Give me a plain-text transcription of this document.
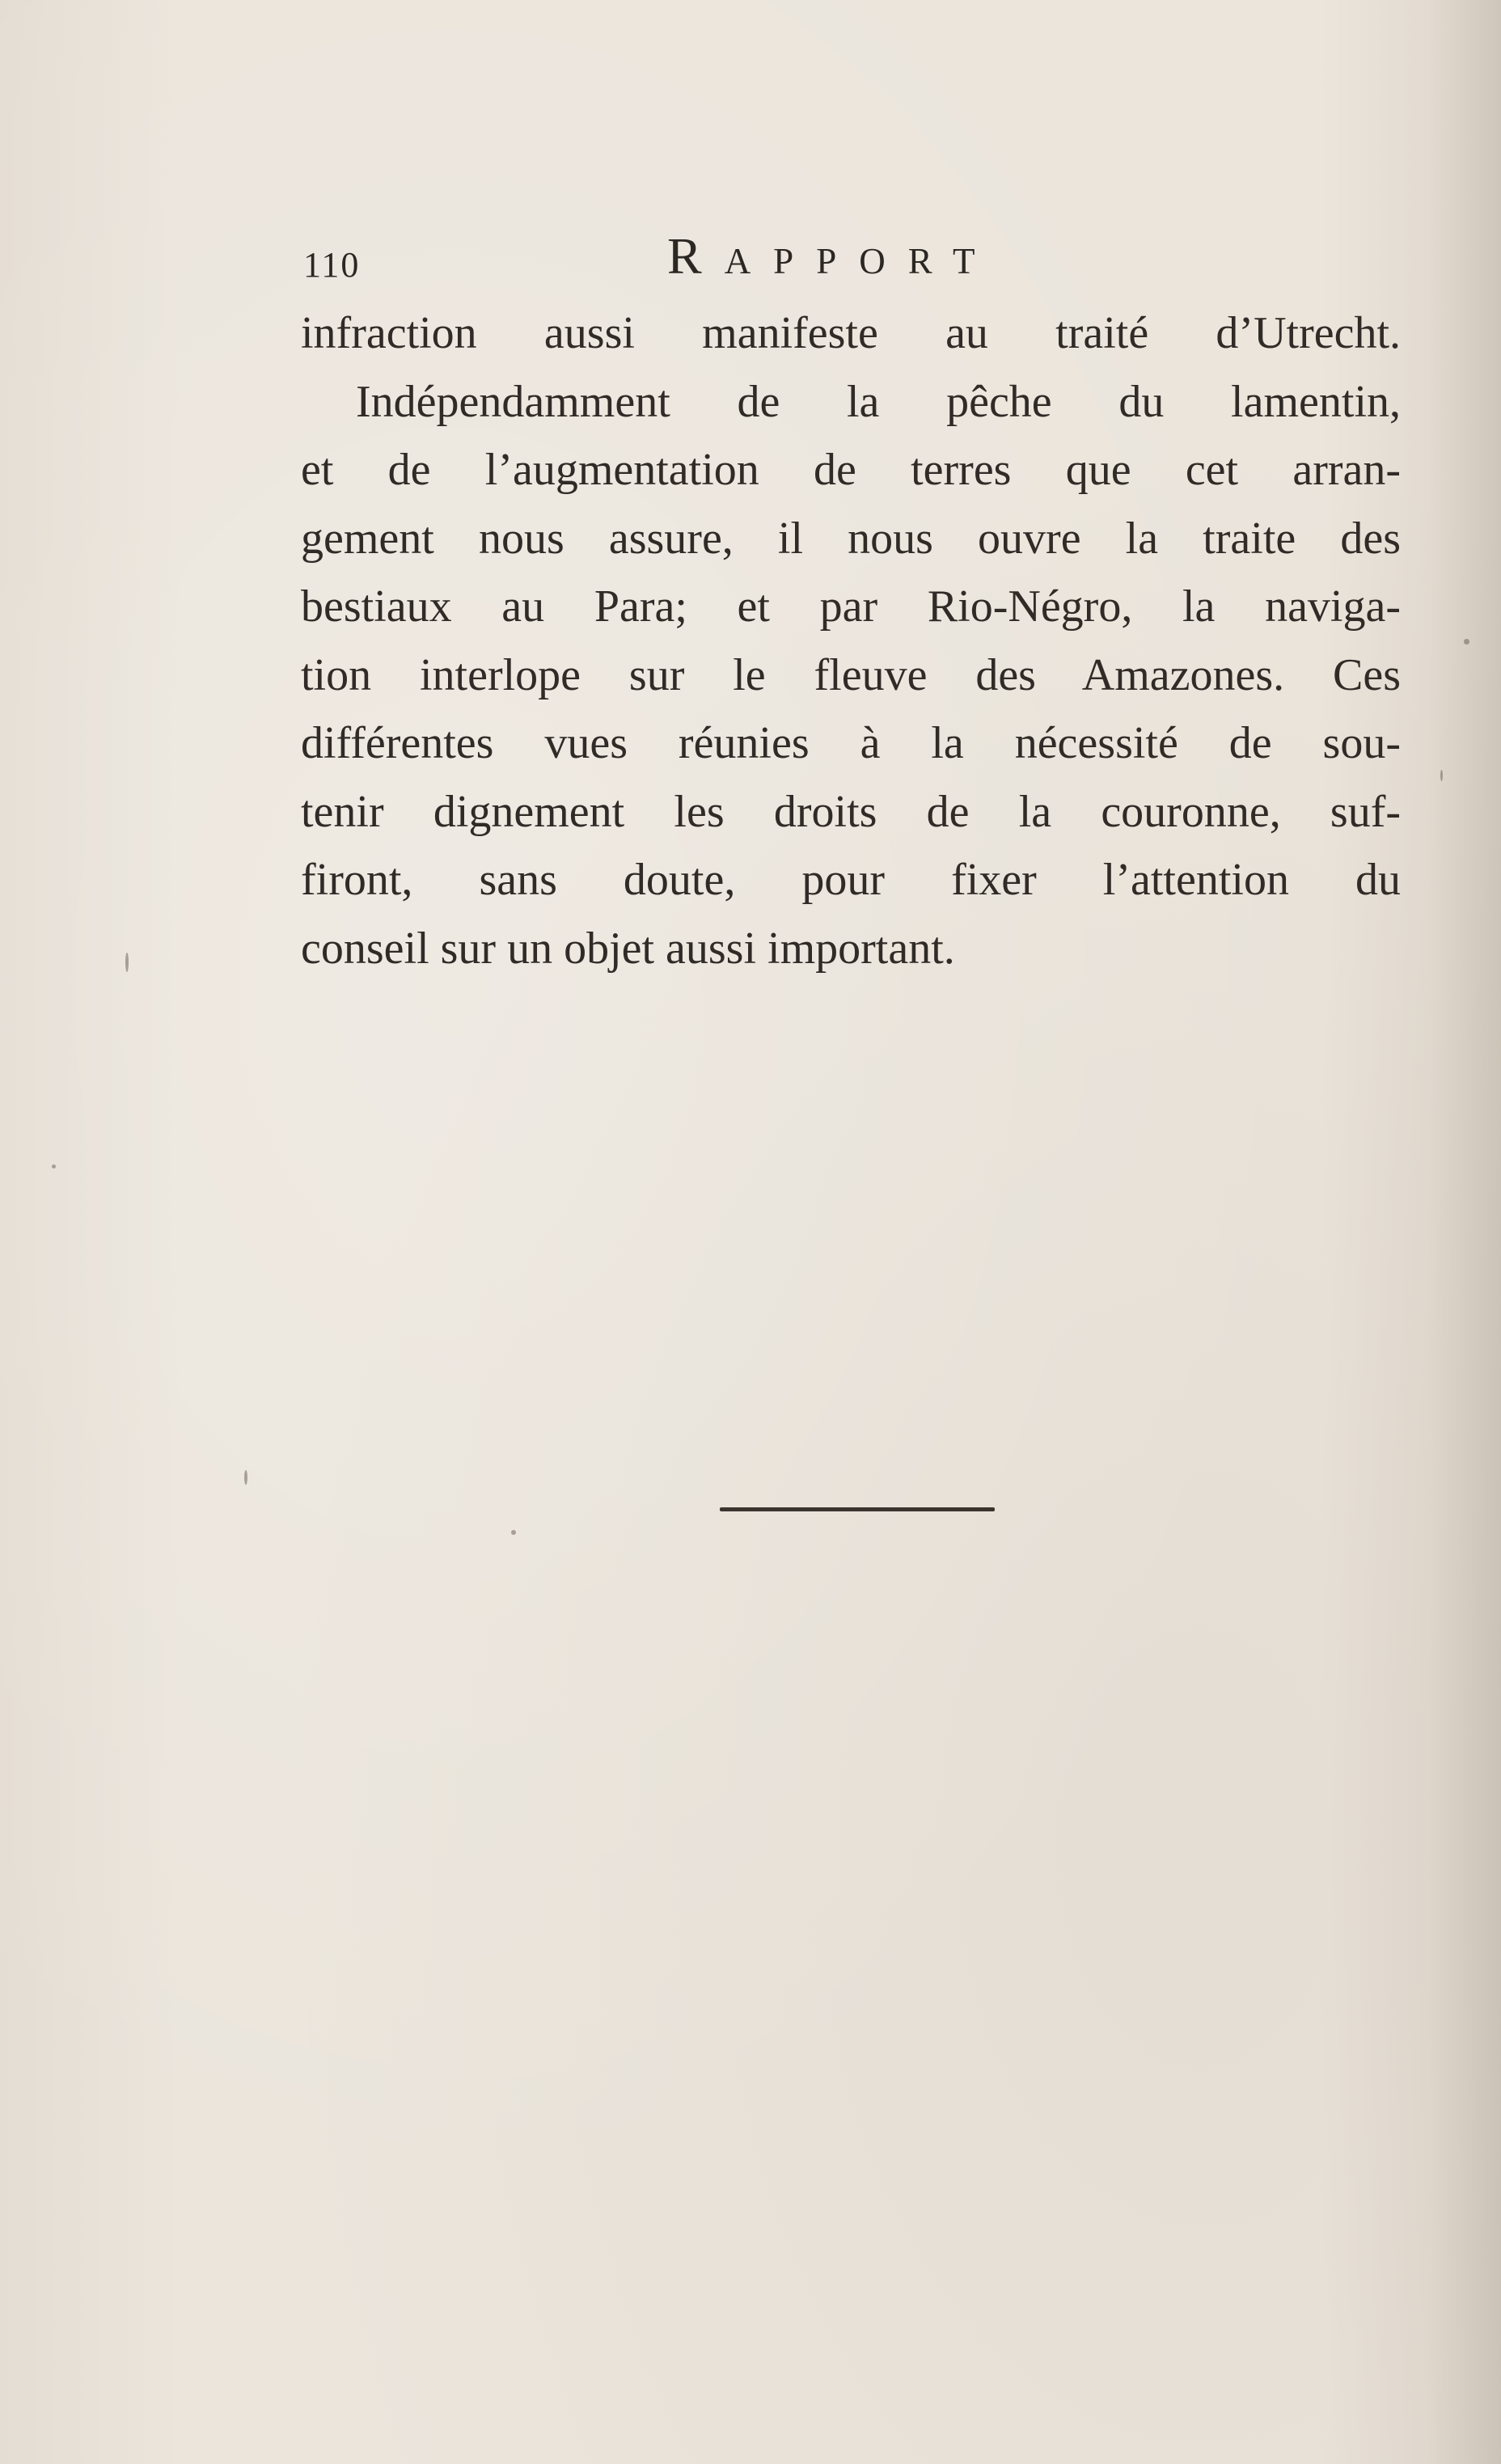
110	Rapport
infraction aussi manifeste au traité d’Utrecht.
Indépendamment de la pêche du lamentin,
et de l’augmentation de terres que cet arran-
gement nous assure, il nous ouvre la traite des
bestiaux au Para; et par Rio-Négro, la naviga-
tion interlope sur le fleuve des Amazones. Ces
différentes vues réunies à la nécessité de sou-
tenir dignement les droits de la couronne, suf-
firont, sans doute, pour fixer l’attention du
conseil sur un objet aussi important.
